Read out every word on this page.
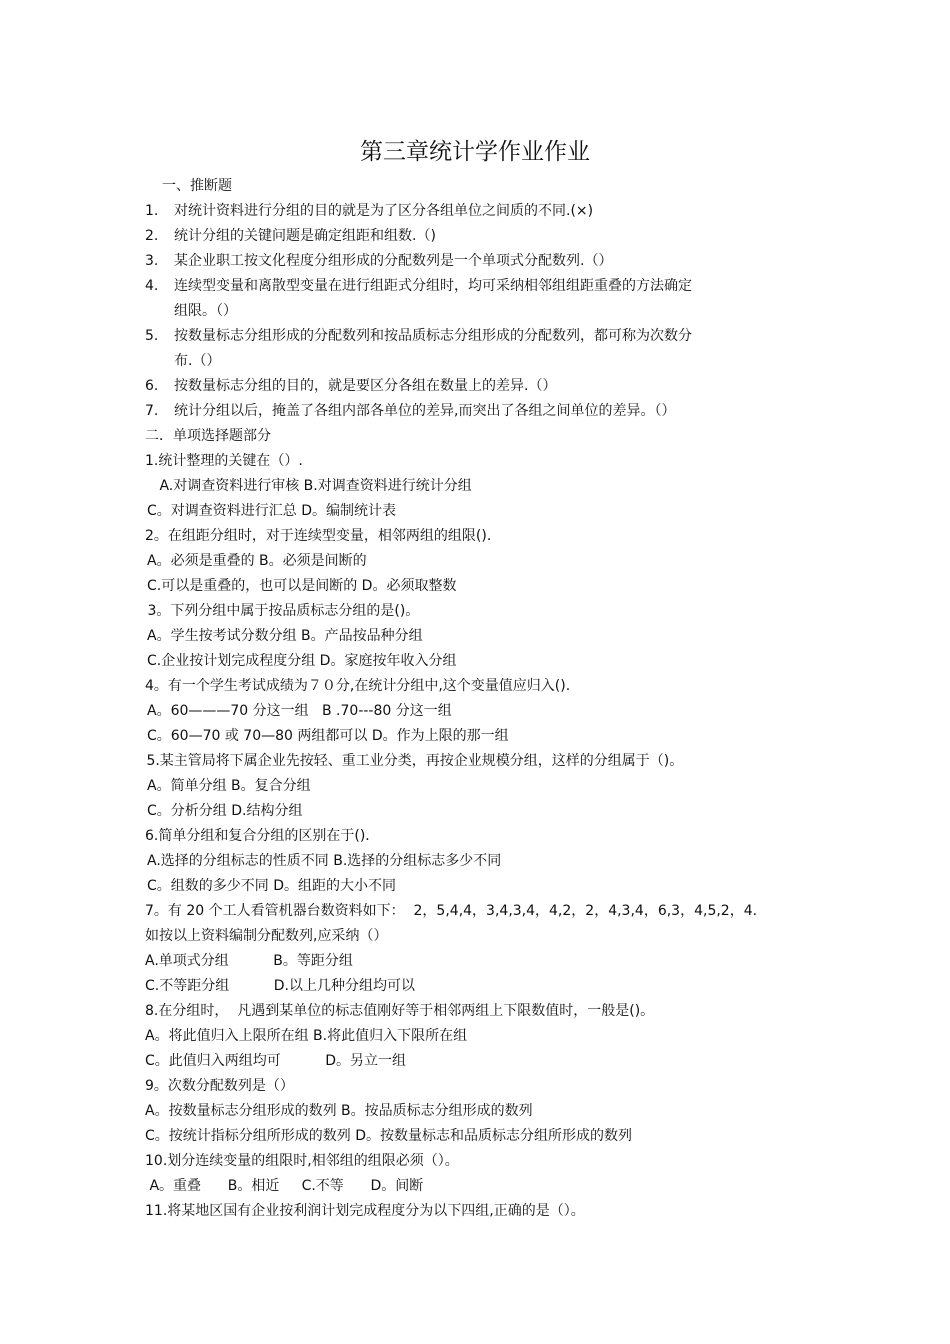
第三章统计学作业作业
一、推断题
1. 对统计资料进行分组的目的就是为了区分各组单位之间质的不同.(×)
2. 统计分组的关键问题是确定组距和组数.（)
3. 某企业职工按文化程度分组形成的分配数列是一个单项式分配数列.（）
4. 连续型变量和离散型变量在进行组距式分组时，均可采纳相邻组组距重叠的方法确定
组限。（）
5. 按数量标志分组形成的分配数列和按品质标志分组形成的分配数列，都可称为次数分
布.（）
6. 按数量标志分组的目的，就是要区分各组在数量上的差异.（）
7. 统计分组以后，掩盖了各组内部各单位的差异,而突出了各组之间单位的差异。（）
二．单项选择题部分
1.统计整理的关键在（）.
A.对调查资料进行审核 B.对调查资料进行统计分组
C。对调查资料进行汇总 D。编制统计表
2。在组距分组时，对于连续型变量，相邻两组的组限().
A。必须是重叠的 B。必须是间断的
C.可以是重叠的，也可以是间断的 D。必须取整数
3。下列分组中属于按品质标志分组的是()。
A。学生按考试分数分组 B。产品按品种分组
C.企业按计划完成程度分组 D。家庭按年收入分组
4。有一个学生考试成绩为７０分,在统计分组中,这个变量值应归入().
A。60———70 分这一组   B .70---80 分这一组
C。60—70 或 70—80 两组都可以 D。作为上限的那一组
5.某主管局将下属企业先按轻、重工业分类，再按企业规模分组，这样的分组属于（)。
A。简单分组 B。复合分组
C。分析分组 D.结构分组
6.简单分组和复合分组的区别在于()．
A.选择的分组标志的性质不同 B.选择的分组标志多少不同
C。组数的多少不同 D。组距的大小不同
7。有 20 个工人看管机器台数资料如下：  2，5,4,4，3,4,3,4，4,2，2，4,3,4，6,3，4,5,2，4.
如按以上资料编制分配数列,应采纳（）
A.单项式分组          B。等距分组
C.不等距分组          D.以上几种分组均可以
8.在分组时，  凡遇到某单位的标志值刚好等于相邻两组上下限数值时，一般是()。
A。将此值归入上限所在组 B.将此值归入下限所在组
C。此值归入两组均可          D。另立一组
9。次数分配数列是（）
A。按数量标志分组形成的数列 B。按品质标志分组形成的数列
C。按统计指标分组所形成的数列 D。按数量标志和品质标志分组所形成的数列
10.划分连续变量的组限时,相邻组的组限必须（）。
A。重叠      B。相近     C.不等      D。间断
11.将某地区国有企业按利润计划完成程度分为以下四组,正确的是（）。
